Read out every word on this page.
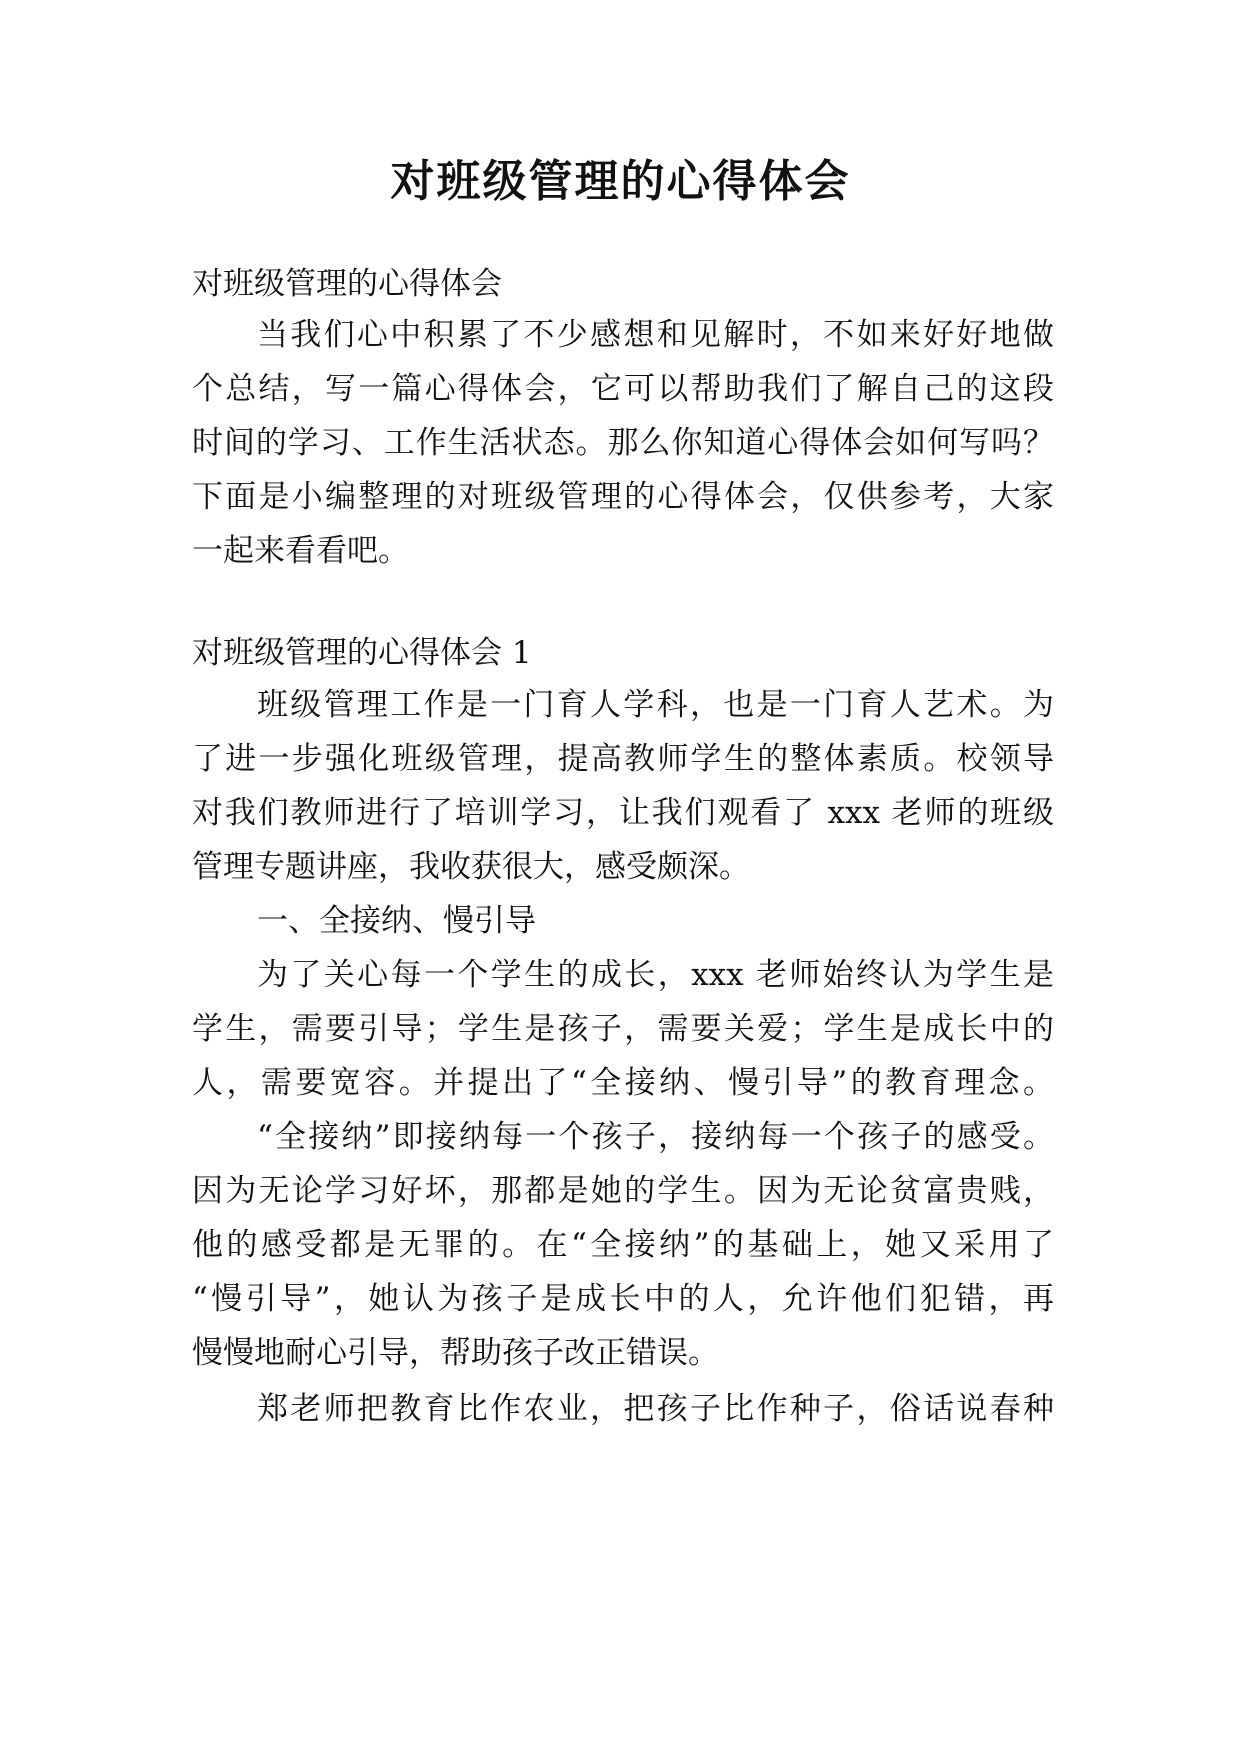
对班级管理的心得体会
对班级管理的心得体会
当我们心中积累了不少感想和见解时，不如来好好地做
个总结，写一篇心得体会，它可以帮助我们了解自己的这段
时间的学习、工作生活状态。那么你知道心得体会如何写吗？
下面是小编整理的对班级管理的心得体会，仅供参考，大家
一起来看看吧。
对班级管理的心得体会 1
班级管理工作是一门育人学科，也是一门育人艺术。为
了进一步强化班级管理，提高教师学生的整体素质。校领导
对我们教师进行了培训学习，让我们观看了 xxx 老师的班级
管理专题讲座，我收获很大，感受颇深。
一、全接纳、慢引导
为了关心每一个学生的成长，xxx 老师始终认为学生是
学生，需要引导；学生是孩子，需要关爱；学生是成长中的
人，需要宽容。并提出了“全接纳、慢引导”的教育理念。
“全接纳”即接纳每一个孩子，接纳每一个孩子的感受。
因为无论学习好坏，那都是她的学生。因为无论贫富贵贱，
他的感受都是无罪的。在“全接纳”的基础上，她又采用了
“慢引导”，她认为孩子是成长中的人，允许他们犯错，再
慢慢地耐心引导，帮助孩子改正错误。
郑老师把教育比作农业，把孩子比作种子，俗话说春种
